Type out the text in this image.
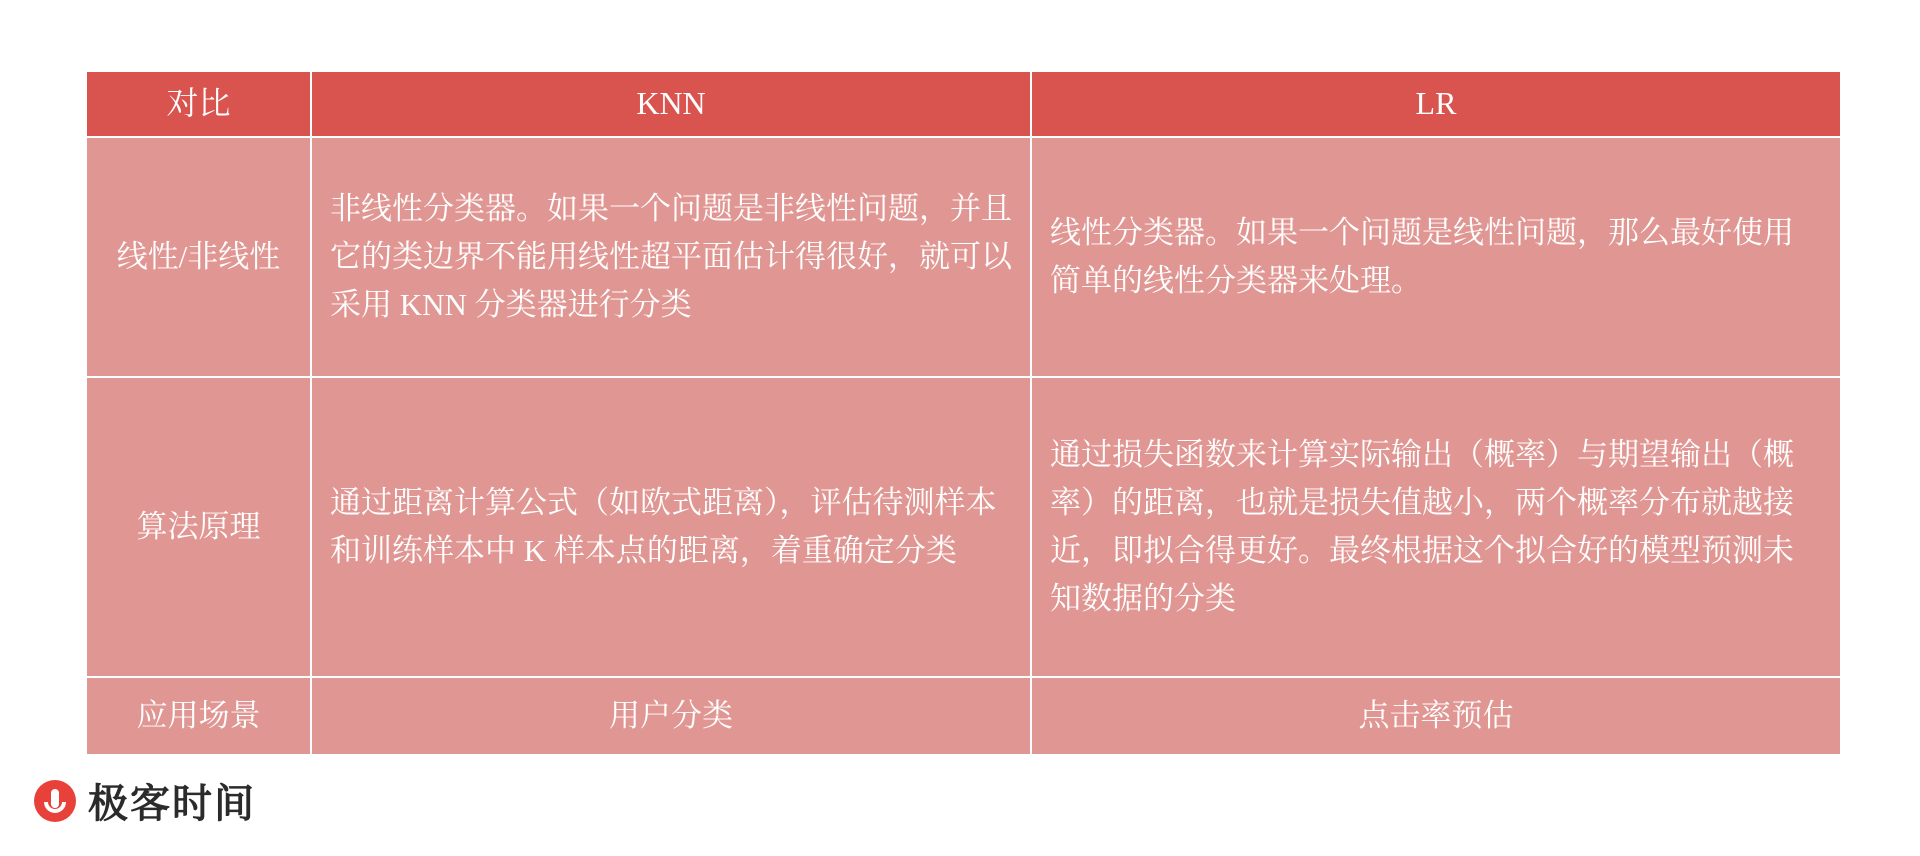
对比	KNN	LR
线性/非线性	非线性分类器。如果一个问题是非线性问题，并且它的类边界不能用线性超平面估计得很好，就可以采用 KNN 分类器进行分类	线性分类器。如果一个问题是线性问题，那么最好使用简单的线性分类器来处理。
算法原理	通过距离计算公式（如欧式距离），评估待测样本和训练样本中 K 样本点的距离，着重确定分类	通过损失函数来计算实际输出（概率）与期望输出（概率）的距离，也就是损失值越小，两个概率分布就越接近，即拟合得更好。最终根据这个拟合好的模型预测未知数据的分类
应用场景	用户分类	点击率预估
极客时间
